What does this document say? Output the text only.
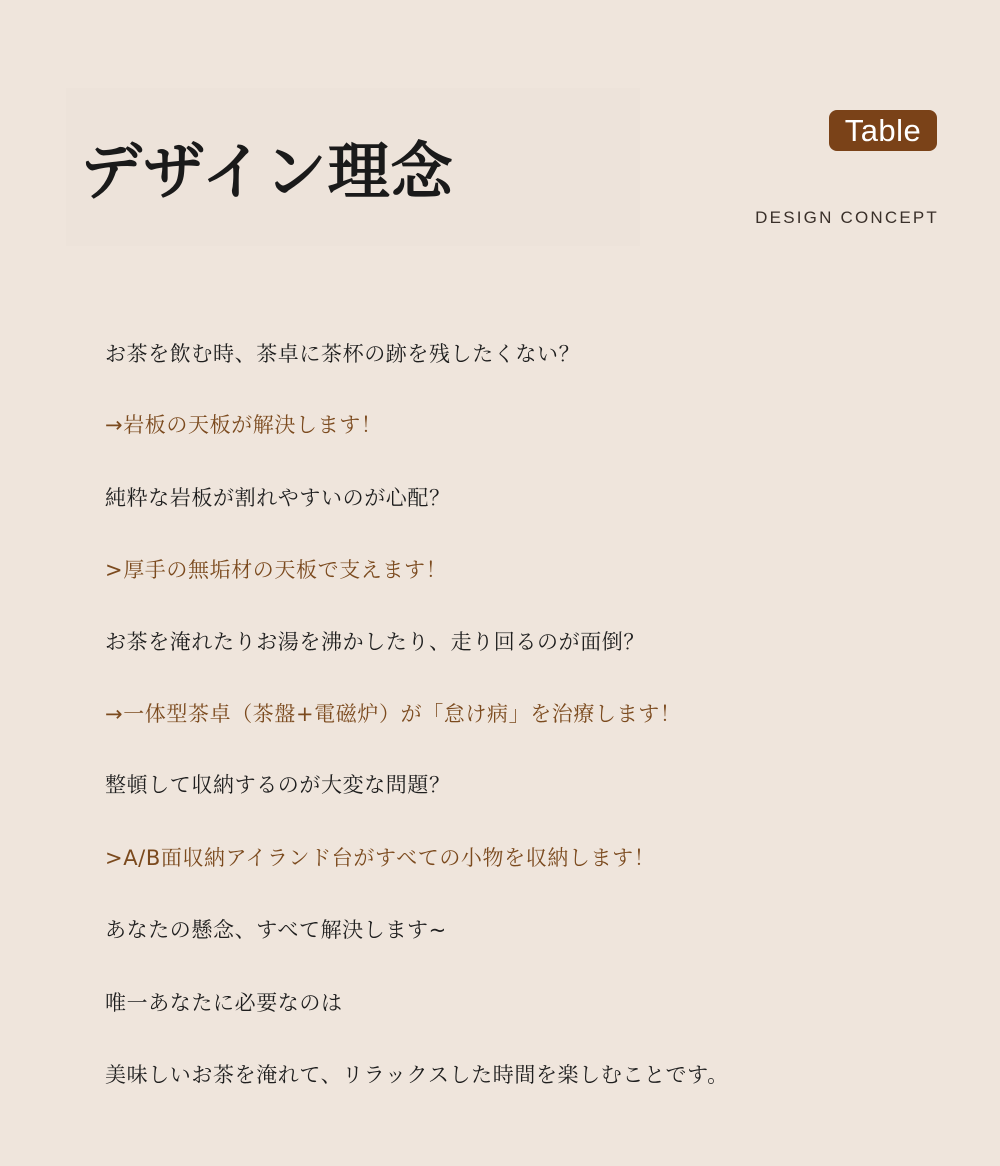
デザイン理念
Table
DESIGN CONCEPT
お茶を飲む時、茶卓に茶杯の跡を残したくない？
→岩板の天板が解決します！
純粋な岩板が割れやすいのが心配？
>厚手の無垢材の天板で支えます！
お茶を淹れたりお湯を沸かしたり、走り回るのが面倒？
→一体型茶卓（茶盤+電磁炉）が「怠け病」を治療します！
整頓して収納するのが大変な問題？
>A/B面収納アイランド台がすべての小物を収納します！
あなたの懸念、すべて解決します~
唯一あなたに必要なのは
美味しいお茶を淹れて、リラックスした時間を楽しむことです。
